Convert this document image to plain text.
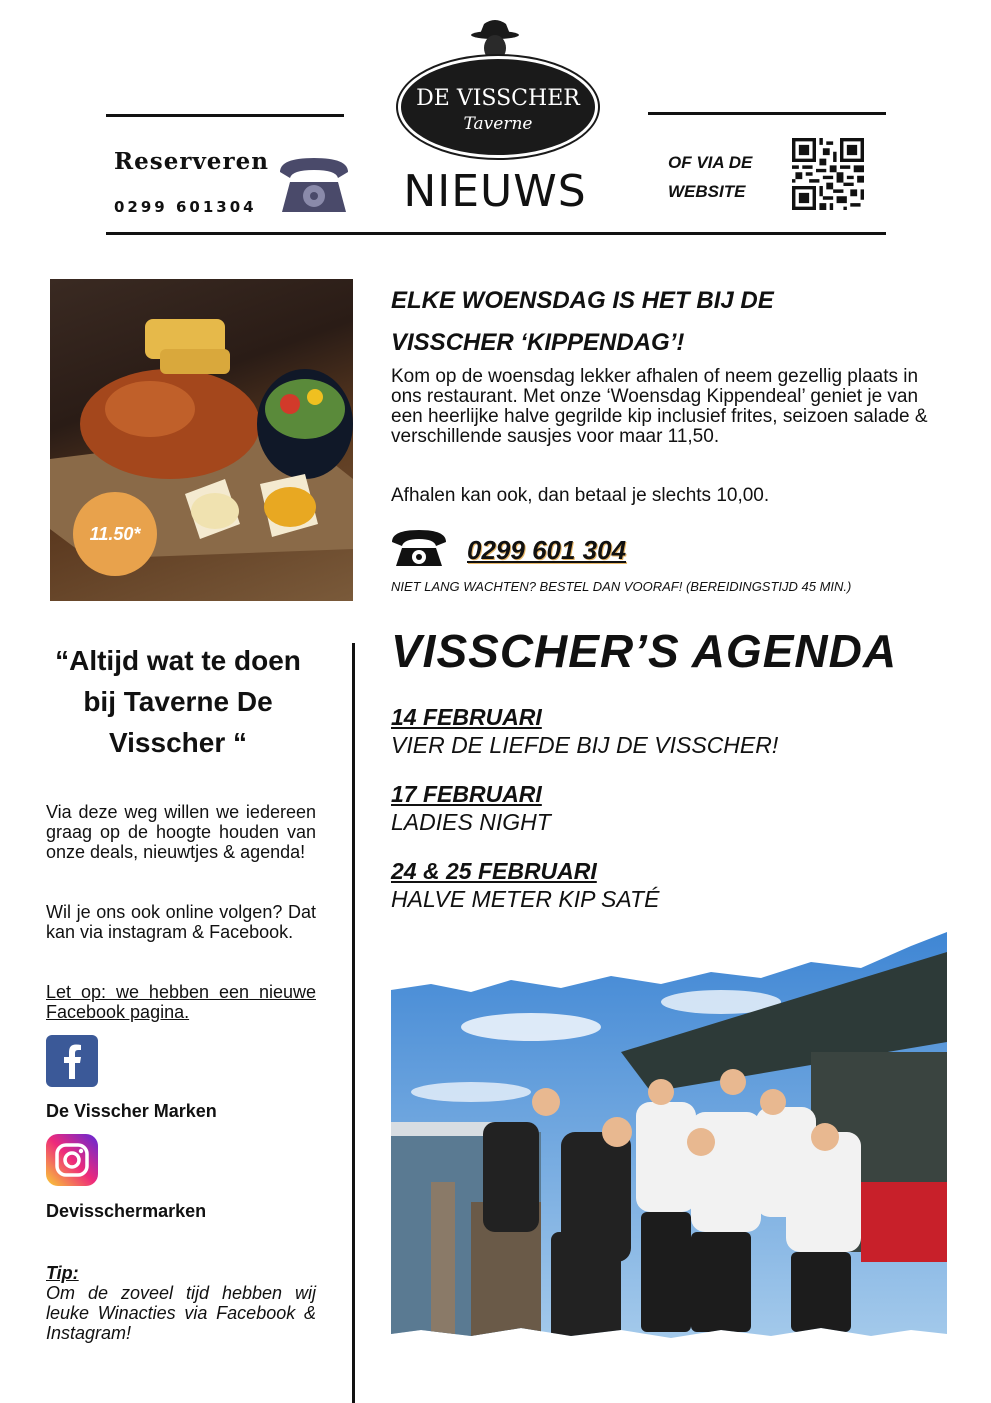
DE VISSCHER
Taverne
Reserveren
0299 601304	NIEUWS
OF VIA DE
WEBSITE
11.50*
ELKE WOENSDAG IS HET BIJ DE
VISSCHER ‘KIPPENDAG’!
Kom op de woensdag lekker afhalen of neem gezellig plaats in ons restaurant. Met onze ‘Woensdag Kippendeal’ geniet je van een heerlijke halve gegrilde kip inclusief frites, seizoen salade & verschillende sausjes voor maar 11,50.
Afhalen kan ook, dan betaal je slechts 10,00.
0299 601 304
NIET LANG WACHTEN? BESTEL DAN VOORAF! (BEREIDINGSTIJD 45 MIN.)
“Altijd wat te doen bij Taverne De Visscher “
Via deze weg willen we iedereen graag op de hoogte houden van onze deals, nieuwtjes & agenda!
Wil je ons ook online volgen? Dat kan via instagram & Facebook.
Let op: we hebben een nieuwe Facebook pagina.
De Visscher Marken
Devisschermarken
Tip:
Om de zoveel tijd hebben wij leuke Winacties via Facebook & Instagram!
VISSCHER’S AGENDA
14 FEBRUARI
VIER DE LIEFDE BIJ DE VISSCHER!
17 FEBRUARI
LADIES NIGHT
24 & 25 FEBRUARI
HALVE METER KIP SATÉ
